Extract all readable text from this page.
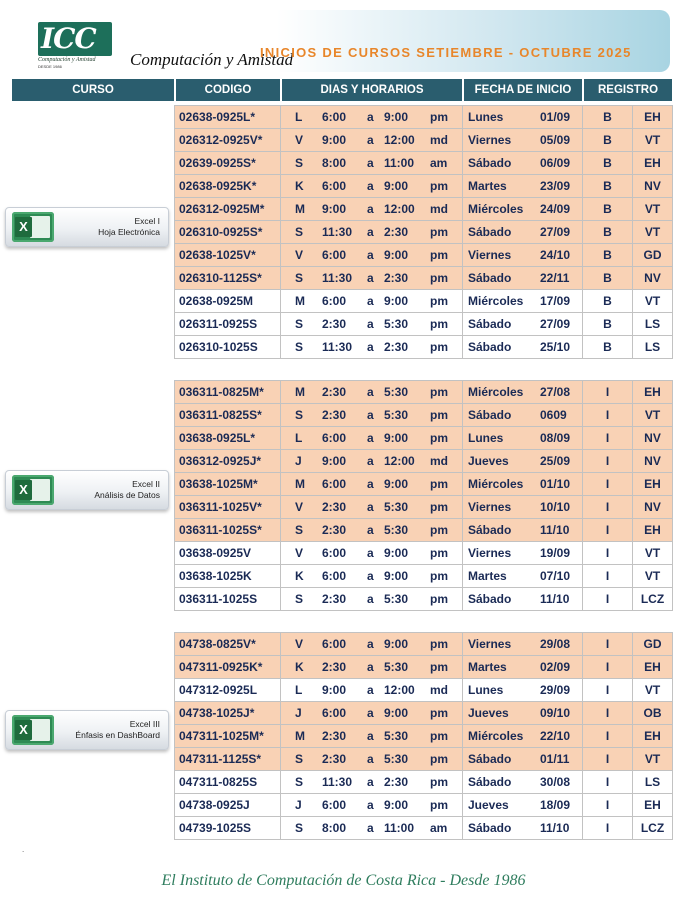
ICC
Computación y Amistad
DESDE 1986	Computación y Amistad
INICIOS DE CURSOS SETIEMBRE - OCTUBRE 2025
CURSO	CODIGO	DIAS Y HORARIOS	FECHA DE INICIO	REGISTRO
X	Excel I
Hoja Electrónica
X	Excel II
Análisis de Datos
X	Excel III
Énfasis en DashBoard
02638-0925L*	L 6:00 a 9:00 pm	Lunes 01/09	B	EH
026312-0925V*	V 9:00 a 12:00 md	Viernes 05/09	B	VT
02639-0925S*	S 8:00 a 11:00 am	Sábado 06/09	B	EH
02638-0925K*	K 6:00 a 9:00 pm	Martes 23/09	B	NV
026312-0925M*	M 9:00 a 12:00 md	Miércoles 24/09	B	VT
026310-0925S*	S 11:30 a 2:30 pm	Sábado 27/09	B	VT
02638-1025V*	V 6:00 a 9:00 pm	Viernes 24/10	B	GD
026310-1125S*	S 11:30 a 2:30 pm	Sábado 22/11	B	NV
02638-0925M	M 6:00 a 9:00 pm	Miércoles 17/09	B	VT
026311-0925S	S 2:30 a 5:30 pm	Sábado 27/09	B	LS
026310-1025S	S 11:30 a 2:30 pm	Sábado 25/10	B	LS
036311-0825M*	M 2:30 a 5:30 pm	Miércoles 27/08	I	EH
036311-0825S*	S 2:30 a 5:30 pm	Sábado 0609	I	VT
03638-0925L*	L 6:00 a 9:00 pm	Lunes 08/09	I	NV
036312-0925J*	J 9:00 a 12:00 md	Jueves 25/09	I	NV
03638-1025M*	M 6:00 a 9:00 pm	Miércoles 01/10	I	EH
036311-1025V*	V 2:30 a 5:30 pm	Viernes 10/10	I	NV
036311-1025S*	S 2:30 a 5:30 pm	Sábado 11/10	I	EH
03638-0925V	V 6:00 a 9:00 pm	Viernes 19/09	I	VT
03638-1025K	K 6:00 a 9:00 pm	Martes 07/10	I	VT
036311-1025S	S 2:30 a 5:30 pm	Sábado 11/10	I	LCZ
04738-0825V*	V 6:00 a 9:00 pm	Viernes 29/08	I	GD
047311-0925K*	K 2:30 a 5:30 pm	Martes 02/09	I	EH
047312-0925L	L 9:00 a 12:00 md	Lunes 29/09	I	VT
04738-1025J*	J 6:00 a 9:00 pm	Jueves 09/10	I	OB
047311-1025M*	M 2:30 a 5:30 pm	Miércoles 22/10	I	EH
047311-1125S*	S 2:30 a 5:30 pm	Sábado 01/11	I	VT
047311-0825S	S 11:30 a 2:30 pm	Sábado 30/08	I	LS
04738-0925J	J 6:00 a 9:00 pm	Jueves 18/09	I	EH
04739-1025S	S 8:00 a 11:00 am	Sábado 11/10	I	LCZ
.
El Instituto de Computación de Costa Rica - Desde 1986
